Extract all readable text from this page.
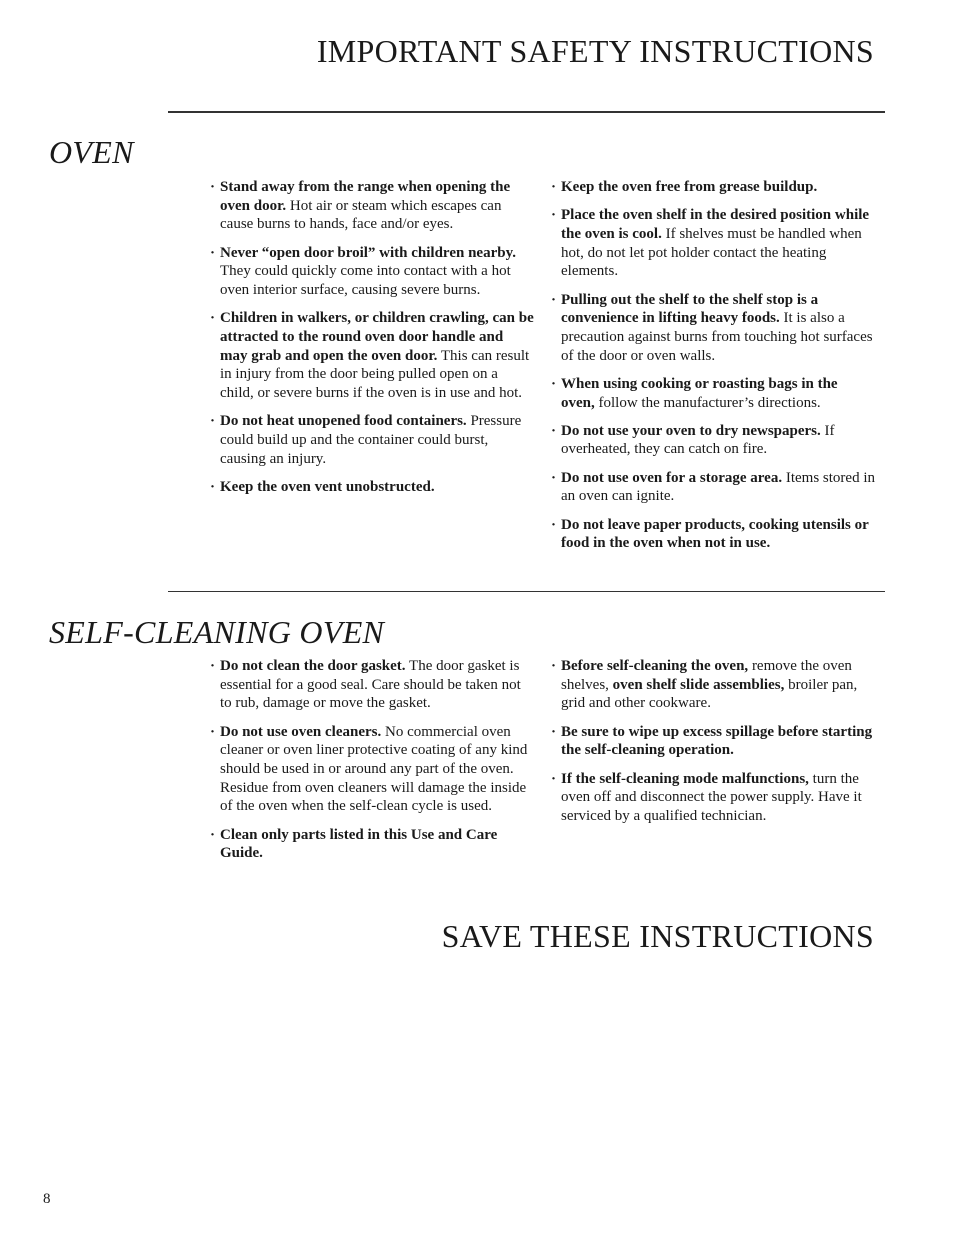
IMPORTANT SAFETY INSTRUCTIONS
OVEN
· Stand away from the range when opening the oven door. Hot air or steam which escapes can cause burns to hands, face and/or eyes.
· Never “open door broil” with children nearby. They could quickly come into contact with a hot oven interior surface, causing severe burns.
· Children in walkers, or children crawling, can be attracted to the round oven door handle and may grab and open the oven door. This can result in injury from the door being pulled open on a child, or severe burns if the oven is in use and hot.
· Do not heat unopened food containers. Pressure could build up and the container could burst, causing an injury.
· Keep the oven vent unobstructed.
· Keep the oven free from grease buildup.
· Place the oven shelf in the desired position while the oven is cool. If shelves must be handled when hot, do not let pot holder contact the heating elements.
· Pulling out the shelf to the shelf stop is a convenience in lifting heavy foods. It is also a precaution against burns from touching hot surfaces of the door or oven walls.
· When using cooking or roasting bags in the oven, follow the manufacturer’s directions.
· Do not use your oven to dry newspapers. If overheated, they can catch on fire.
· Do not use oven for a storage area. Items stored in an oven can ignite.
· Do not leave paper products, cooking utensils or food in the oven when not in use.
SELF-CLEANING OVEN
· Do not clean the door gasket. The door gasket is essential for a good seal. Care should be taken not to rub, damage or move the gasket.
· Do not use oven cleaners. No commercial oven cleaner or oven liner protective coating of any kind should be used in or around any part of the oven. Residue from oven cleaners will damage the inside of the oven when the self-clean cycle is used.
· Clean only parts listed in this Use and Care Guide.
· Before self-cleaning the oven, remove the oven shelves, oven shelf slide assemblies, broiler pan, grid and other cookware.
· Be sure to wipe up excess spillage before starting the self-cleaning operation.
· If the self-cleaning mode malfunctions, turn the oven off and disconnect the power supply. Have it serviced by a qualified technician.
SAVE THESE INSTRUCTIONS
8
